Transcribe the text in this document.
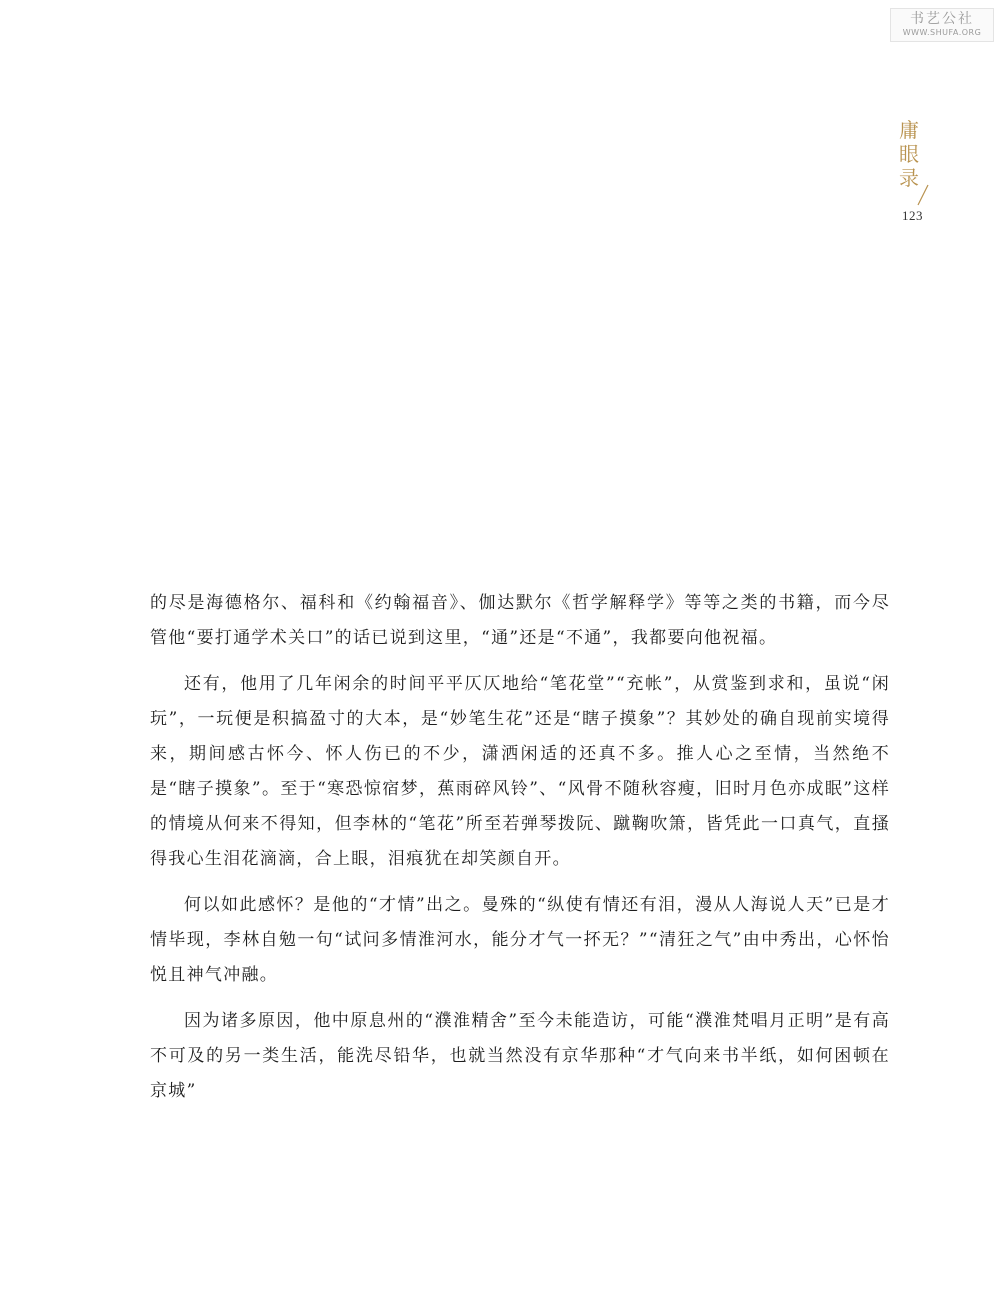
书艺公社
WWW.SHUFA.ORG
庸眼录
123

的尽是海德格尔、福科和《约翰福音》、伽达默尔《哲学解释学》等等之类的书籍，而今尽管他“要打通学术关口”的话已说到这里，“通”还是“不通”，我都要向他祝福。

还有，他用了几年闲余的时间平平仄仄地给“笔花堂”“充帐”，从赏鉴到求和，虽说“闲玩”，一玩便是积搞盈寸的大本，是“妙笔生花”还是“瞎子摸象”？其妙处的确自现前实境得来，期间感古怀今、怀人伤已的不少，潇洒闲适的还真不多。推人心之至情，当然绝不是“瞎子摸象”。至于“寒恐惊宿梦，蕉雨碎风铃”、“风骨不随秋容瘦，旧时月色亦成眠”这样的情境从何来不得知，但李林的“笔花”所至若弹琴拨阮、蹴鞠吹箫，皆凭此一口真气，直搔得我心生泪花滴滴，合上眼，泪痕犹在却笑颜自开。

何以如此感怀？是他的“才情”出之。曼殊的“纵使有情还有泪，漫从人海说人天”已是才情毕现，李林自勉一句“试问多情淮河水，能分才气一抔无？”“清狂之气”由中秀出，心怀怡悦且神气冲融。

因为诸多原因，他中原息州的“濮淮精舍”至今未能造访，可能“濮淮梵唱月正明”是有高不可及的另一类生活，能洗尽铅华，也就当然没有京华那种“才气向来书半纸，如何困顿在京城”
